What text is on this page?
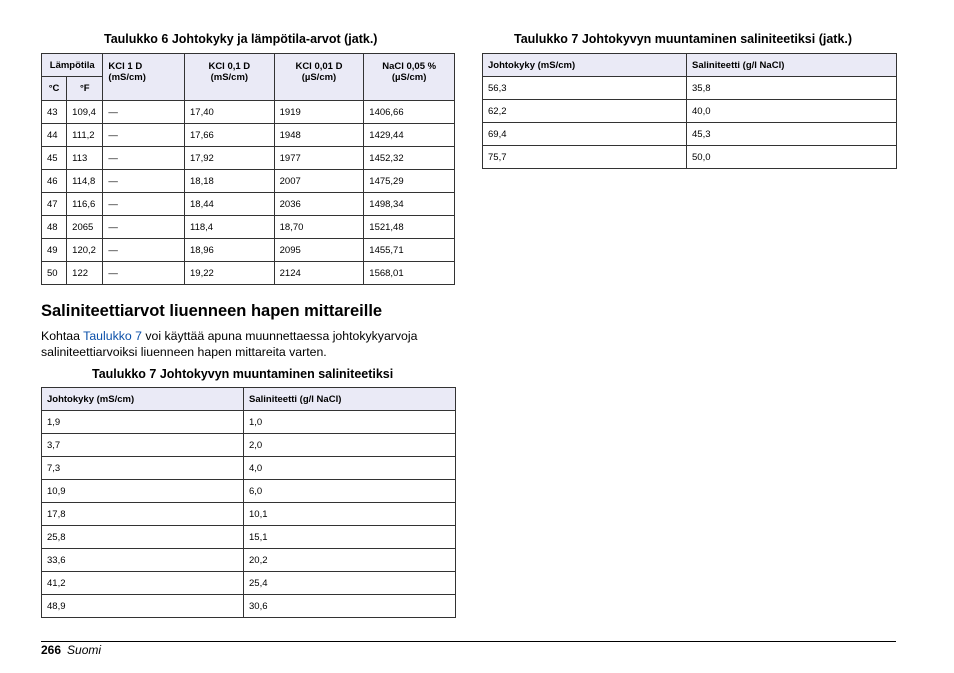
Taulukko 6 Johtokyky ja lämpötila-arvot (jatk.)
Lämpötila		KCl 1 D (mS/cm)	KCl 0,1 D (mS/cm)	KCl 0,01 D (µS/cm)	NaCl 0,05 % (µS/cm)
°C	°F				
43	109,4	—	17,40	1919	1406,66
44	111,2	—	17,66	1948	1429,44
45	113	—	17,92	1977	1452,32
46	114,8	—	18,18	2007	1475,29
47	116,6	—	18,44	2036	1498,34
48	2065	—	118,4	18,70	1521,48
49	120,2	—	18,96	2095	1455,71
50	122	—	19,22	2124	1568,01
Saliniteettiarvot liuenneen hapen mittareille
Kohtaa Taulukko 7 voi käyttää apuna muunnettaessa johtokykyarvoja saliniteettiarvoiksi liuenneen hapen mittareita varten.
Taulukko 7 Johtokyvyn muuntaminen saliniteetiksi
Johtokyky (mS/cm)	Saliniteetti (g/l NaCl)
1,9	1,0
3,7	2,0
7,3	4,0
10,9	6,0
17,8	10,1
25,8	15,1
33,6	20,2
41,2	25,4
48,9	30,6
Taulukko 7 Johtokyvyn muuntaminen saliniteetiksi (jatk.)
Johtokyky (mS/cm)	Saliniteetti (g/l NaCl)
56,3	35,8
62,2	40,0
69,4	45,3
75,7	50,0
266 Suomi
